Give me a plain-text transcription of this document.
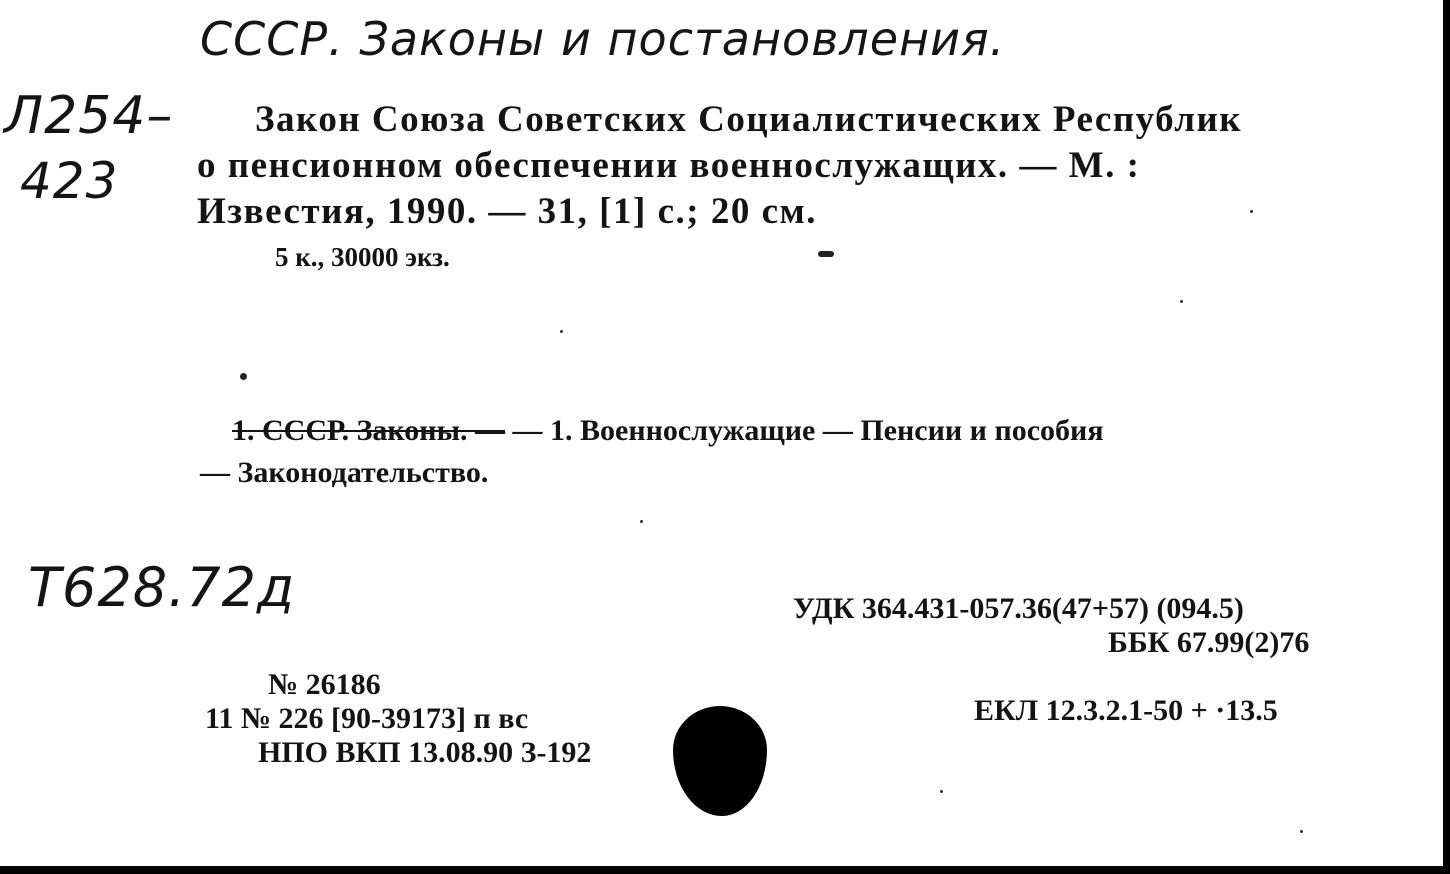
СССР. Законы и постановления.
Л254–
423
Закон Союза Советских Социалистических Республик
о пенсионном обеспечении военнослужащих. — М. :
Известия, 1990. — 31, [1] с.; 20 см.
5 к., 30000 экз.
1. СССР. Законы. — — 1. Военнослужащие — Пенсии и пособия
— Законодательство.
Т628.72д	УДК 364.431-057.36(47+57) (094.5)
ББК 67.99(2)76
ЕКЛ 12.3.2.1-50 + ·13.5
№ 26186
11 № 226 [90-39173] п вс
НПО ВКП 13.08.90 З-192
